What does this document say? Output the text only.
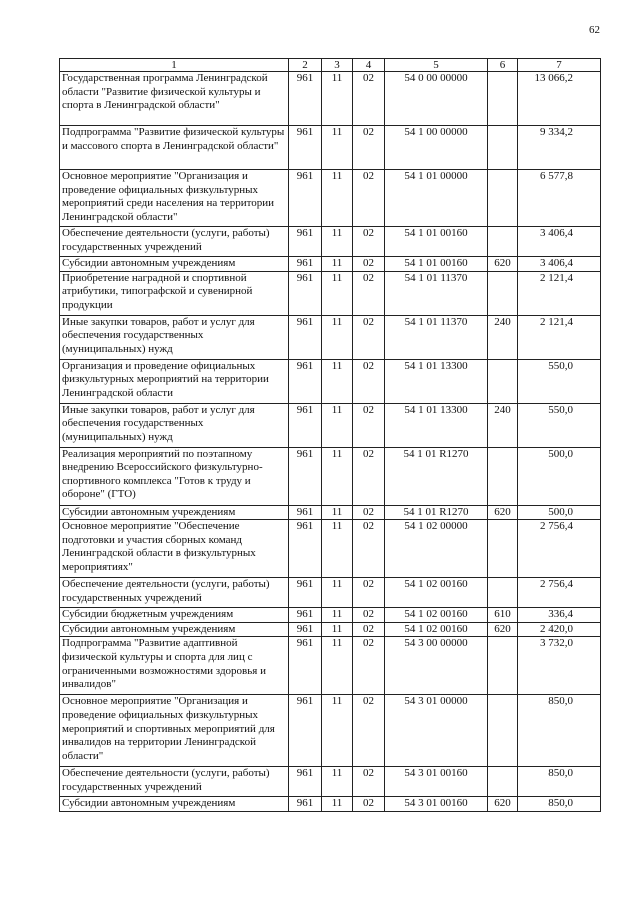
62
1	2	3	4	5	6	7
Государственная программа Ленинградской области "Развитие физической культуры и спорта в Ленинградской области"	961	11	02	54 0 00 00000		13 066,2
Подпрограмма "Развитие физической культуры и массового спорта в Ленинградской области"	961	11	02	54 1 00 00000		9 334,2
Основное мероприятие "Организация и проведение официальных физкультурных мероприятий среди населения на территории Ленинградской области"	961	11	02	54 1 01 00000		6 577,8
Обеспечение деятельности (услуги, работы) государственных учреждений	961	11	02	54 1 01 00160		3 406,4
Субсидии автономным учреждениям	961	11	02	54 1 01 00160	620	3 406,4
Приобретение наградной и спортивной атрибутики, типографской и сувенирной продукции	961	11	02	54 1 01 11370		2 121,4
Иные закупки товаров, работ и услуг для обеспечения государственных (муниципальных) нужд	961	11	02	54 1 01 11370	240	2 121,4
Организация и проведение официальных физкультурных мероприятий на территории Ленинградской области	961	11	02	54 1 01 13300		550,0
Иные закупки товаров, работ и услуг для обеспечения государственных (муниципальных) нужд	961	11	02	54 1 01 13300	240	550,0
Реализация мероприятий по поэтапному внедрению Всероссийского физкультурно-спортивного комплекса "Готов к труду и обороне" (ГТО)	961	11	02	54 1 01 R1270		500,0
Субсидии автономным учреждениям	961	11	02	54 1 01 R1270	620	500,0
Основное мероприятие "Обеспечение подготовки и участия сборных команд Ленинградской области в физкультурных мероприятиях"	961	11	02	54 1 02 00000		2 756,4
Обеспечение деятельности (услуги, работы) государственных учреждений	961	11	02	54 1 02 00160		2 756,4
Субсидии бюджетным учреждениям	961	11	02	54 1 02 00160	610	336,4
Субсидии автономным учреждениям	961	11	02	54 1 02 00160	620	2 420,0
Подпрограмма "Развитие адаптивной физической культуры и спорта для лиц с ограниченными возможностями здоровья и инвалидов"	961	11	02	54 3 00 00000		3 732,0
Основное мероприятие "Организация и проведение официальных физкультурных мероприятий и спортивных мероприятий для инвалидов на территории Ленинградской области"	961	11	02	54 3 01 00000		850,0
Обеспечение деятельности (услуги, работы) государственных учреждений	961	11	02	54 3 01 00160		850,0
Субсидии автономным учреждениям	961	11	02	54 3 01 00160	620	850,0
